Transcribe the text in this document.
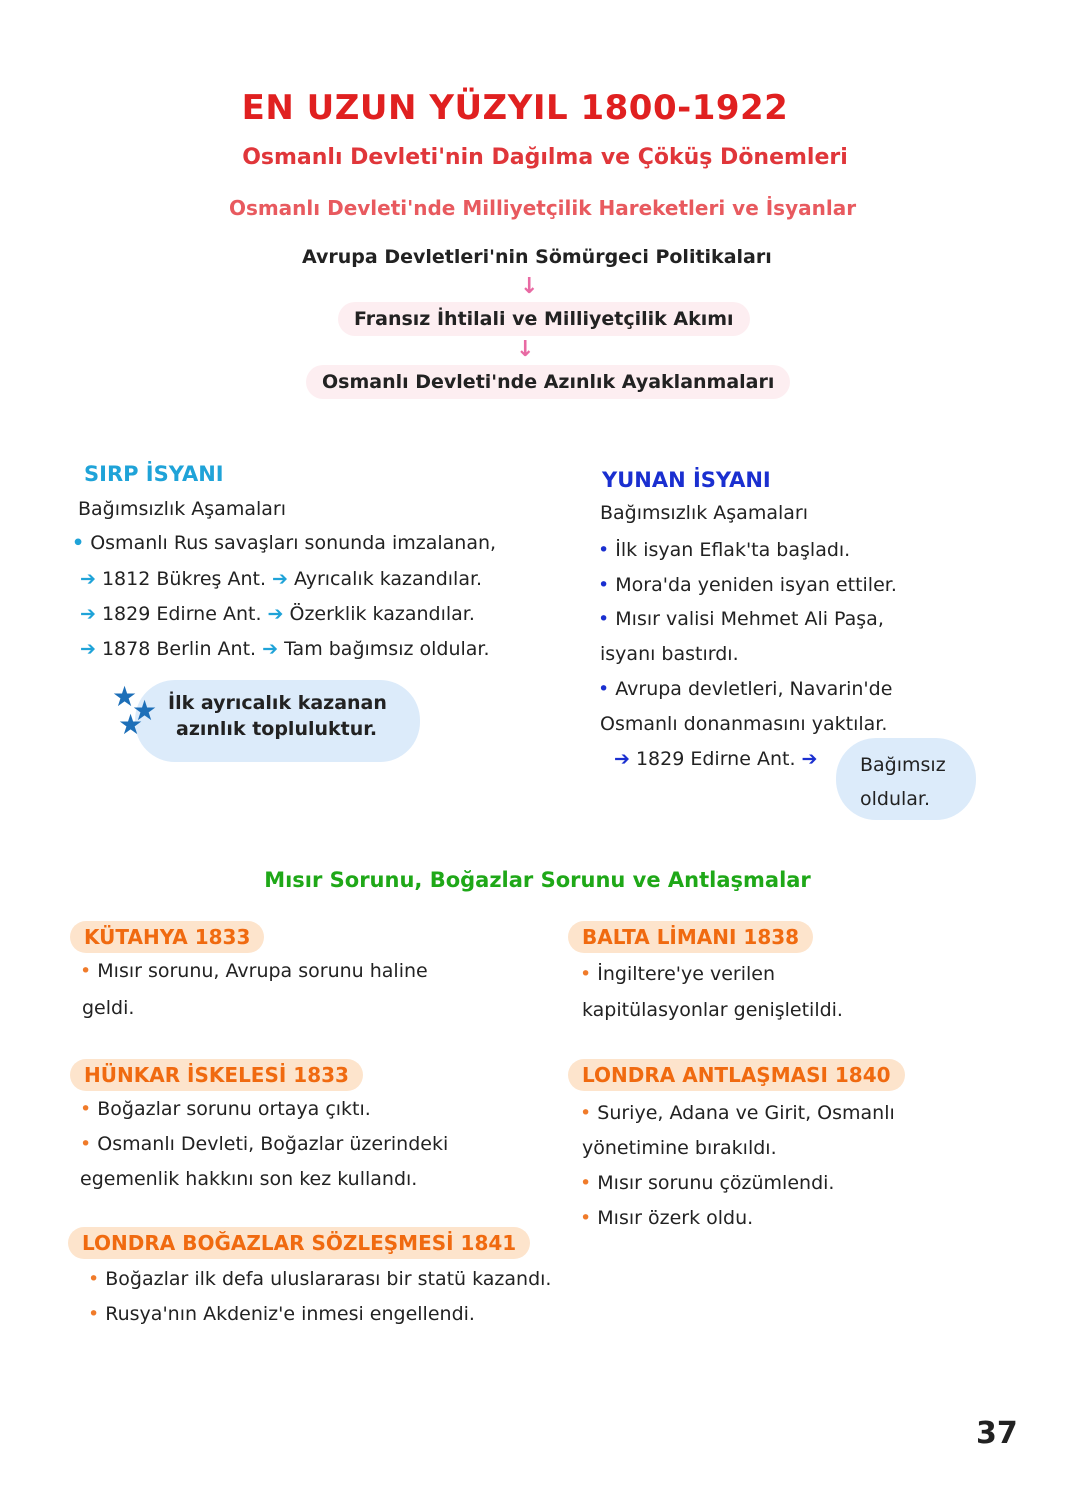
EN UZUN YÜZYIL 1800-1922
Osmanlı Devleti'nin Dağılma ve Çöküş Dönemleri
Osmanlı Devleti'nde Milliyetçilik Hareketleri ve İsyanlar
Avrupa Devletleri'nin Sömürgeci Politikaları
↓
Fransız İhtilali ve Milliyetçilik Akımı
↓
Osmanlı Devleti'nde Azınlık Ayaklanmaları
SIRP İSYANI
Bağımsızlık Aşamaları
• Osmanlı Rus savaşları sonunda imzalanan,
➔ 1812 Bükreş Ant. ➔ Ayrıcalık kazandılar.
➔ 1829 Edirne Ant. ➔ Özerklik kazandılar.
➔ 1878 Berlin Ant. ➔ Tam bağımsız oldular.
★
★
★
İlk ayrıcalık kazanan
azınlık topluluktur.
YUNAN İSYANI
Bağımsızlık Aşamaları
• İlk isyan Eflak'ta başladı.
• Mora'da yeniden isyan ettiler.
• Mısır valisi Mehmet Ali Paşa,
isyanı bastırdı.
• Avrupa devletleri, Navarin'de
Osmanlı donanmasını yaktılar.
➔ 1829 Edirne Ant. ➔ Bağımsız
oldular.
Mısır Sorunu, Boğazlar Sorunu ve Antlaşmalar
KÜTAHYA 1833
• Mısır sorunu, Avrupa sorunu haline
geldi.
BALTA LİMANI 1838
• İngiltere'ye verilen
kapitülasyonlar genişletildi.
HÜNKAR İSKELESİ 1833
• Boğazlar sorunu ortaya çıktı.
• Osmanlı Devleti, Boğazlar üzerindeki
egemenlik hakkını son kez kullandı.
LONDRA ANTLAŞMASI 1840
• Suriye, Adana ve Girit, Osmanlı
yönetimine bırakıldı.
• Mısır sorunu çözümlendi.
• Mısır özerk oldu.
LONDRA BOĞAZLAR SÖZLEŞMESİ 1841
• Boğazlar ilk defa uluslararası bir statü kazandı.
• Rusya'nın Akdeniz'e inmesi engellendi.
37
